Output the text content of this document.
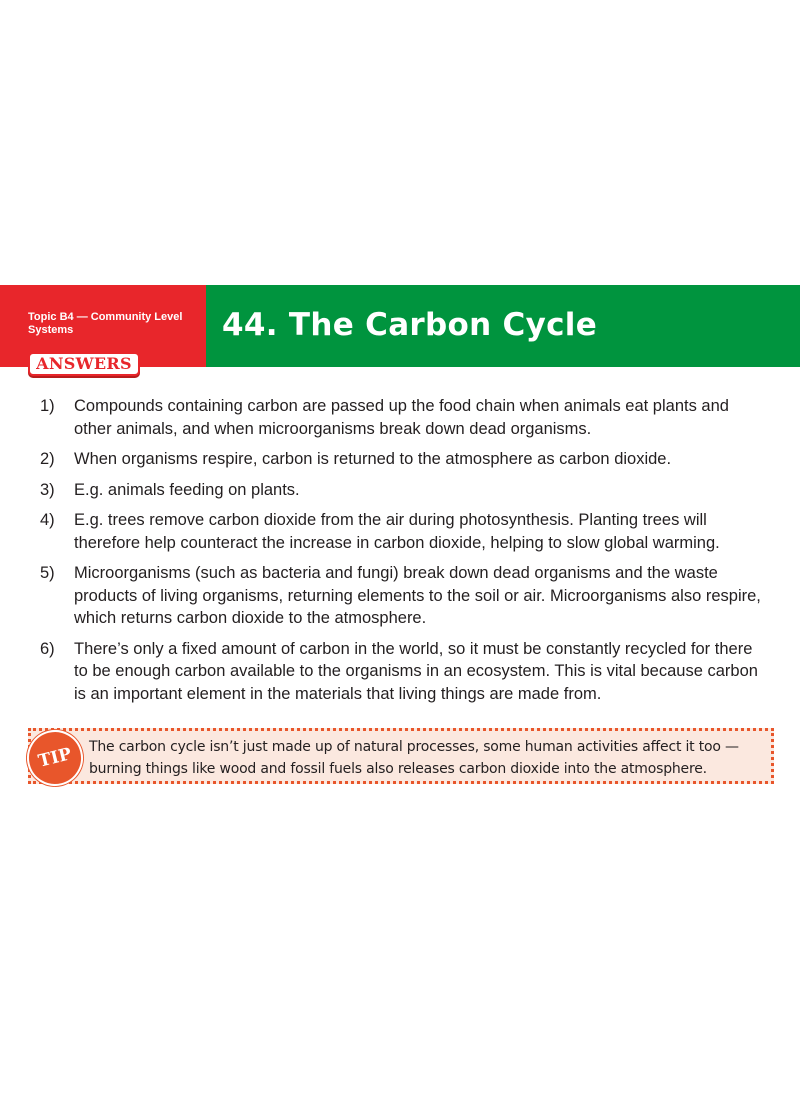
Topic B4 — Community Level Systems	44. The Carbon Cycle
ANSWERS
1)	Compounds containing carbon are passed up the food chain when animals eat plants and other animals, and when microorganisms break down dead organisms.
2)	When organisms respire, carbon is returned to the atmosphere as carbon dioxide.
3)	E.g. animals feeding on plants.
4)	E.g. trees remove carbon dioxide from the air during photosynthesis. Planting trees will therefore help counteract the increase in carbon dioxide, helping to slow global warming.
5)	Microorganisms (such as bacteria and fungi) break down dead organisms and the waste products of living organisms, returning elements to the soil or air. Microorganisms also respire, which returns carbon dioxide to the atmosphere.
6)	There’s only a fixed amount of carbon in the world, so it must be constantly recycled for there to be enough carbon available to the organisms in an ecosystem. This is vital because carbon is an important element in the materials that living things are made from.
TIP	The carbon cycle isn’t just made up of natural processes, some human activities affect it too — burning things like wood and fossil fuels also releases carbon dioxide into the atmosphere.
